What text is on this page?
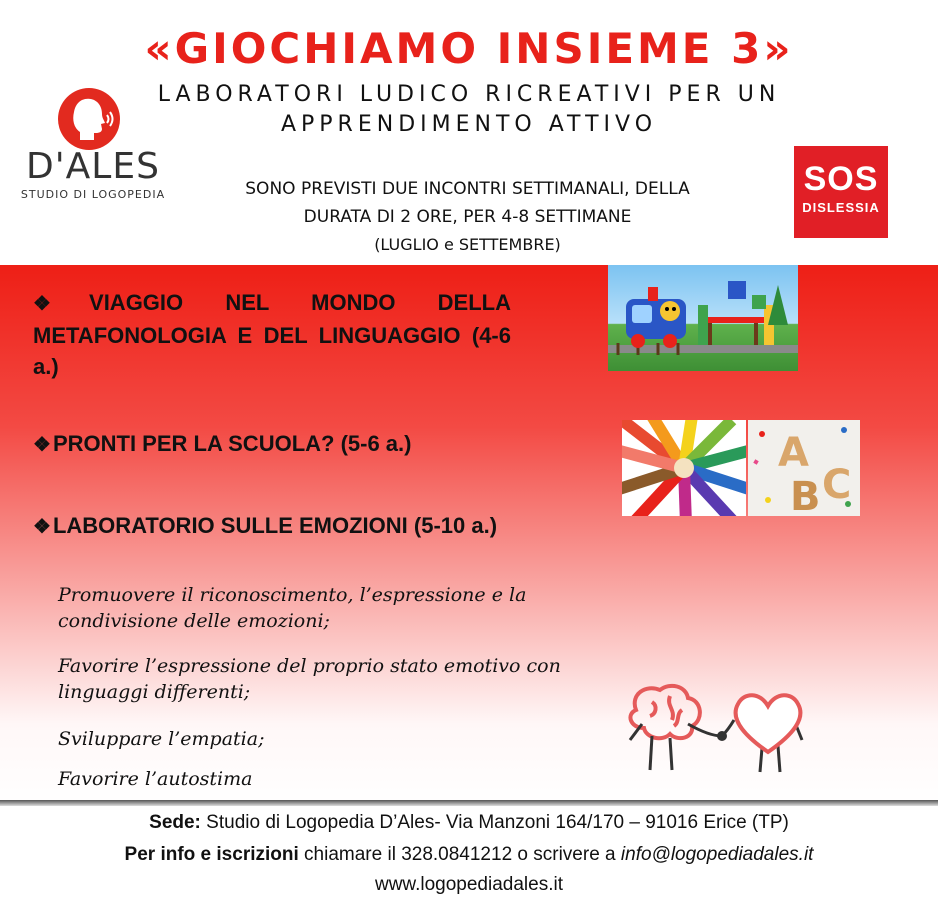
«GIOCHIAMO INSIEME 3»
LABORATORI LUDICO RICREATIVI PER UN
APPRENDIMENTO ATTIVO
D'ALES
STUDIO DI LOGOPEDIA	SONO PREVISTI DUE INCONTRI SETTIMANALI, DELLA
DURATA DI 2 ORE, PER 4-8 SETTIMANE
(LUGLIO e SETTEMBRE)
SOS
DISLESSIA
❖VIAGGIO NEL MONDO DELLA METAFONOLOGIA E DEL LINGUAGGIO (4-6 a.)
❖PRONTI PER LA SCUOLA? (5-6 a.)
❖LABORATORIO SULLE EMOZIONI (5-10 a.)
Promuovere il riconoscimento, l’espressione e la condivisione delle emozioni;
Favorire l’espressione del proprio stato emotivo con linguaggi differenti;
Sviluppare l’empatia;
Favorire l’autostima
A
B C
Sede: Studio di Logopedia D’Ales- Via Manzoni 164/170 – 91016 Erice (TP)
Per info e iscrizioni chiamare il 328.0841212 o scrivere a info@logopediadales.it
www.logopediadales.it
